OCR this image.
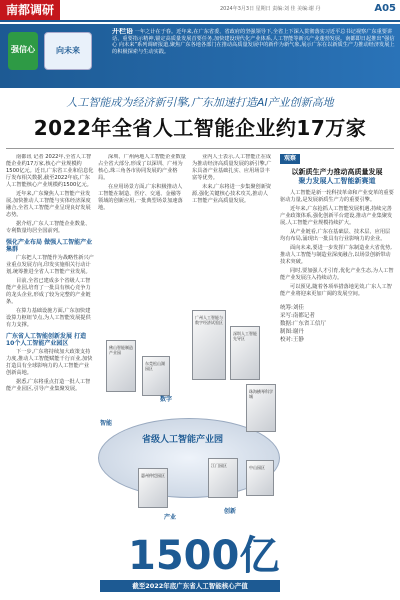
南都调研	2024年3月3日 星期日 责编:刘 佳 美编:谢 丹	A05
强信心	向未来
开栏语 一年之计在于春。近年来,在广东省委、省政府的坚强领导下,全省上下深入贯彻落实习近平总书记视察广东重要讲话、重要指示精神,锚定高质量发展首要任务,加快建设现代化产业体系,人工智能等新兴产业蓬勃发展。南都即日起推出“强信心 向未来”系列调研报道,聚焦广东各地各部门在推动高质量发展中的新作为新气象,展示广东在以新质生产力推动经济发展上的积极探索与生动实践。
人工智能成为经济新引擎,广东加速打造AI产业创新高地
2022年全省人工智能企业约17万家

南都讯 记者 2022年,全省人工智能企业约17万家,核心产业规模约1500亿元。近日,广东省工业和信息化厅发布相关数据,截至2022年底,广东人工智能核心产业规模约1500亿元。

近年来,广东聚焦人工智能产业发展,加快推动人工智能与实体经济深度融合,全省人工智能产业呈现良好发展态势。

据介绍,广东人工智能企业数量、专利数量均居全国前列。

强化产业布局 做强人工智能产业集群

广东把人工智能作为战略性新兴产业重点发展方向,印发实施相关行动计划,统筹推进全省人工智能产业发展。

目前,全省已建成多个省级人工智能产业园,培育了一批具有核心竞争力的龙头企业,形成了较为完整的产业链条。

在算力基础设施方面,广东加快建设算力枢纽节点,为人工智能发展提供有力支撑。

广东省人工智能创新发展 打造10个人工智能产业园区

下一步,广东将持续加大政策支持力度,推动人工智能赋能千行百业,加快打造具有全球影响力的人工智能产业创新高地。

据悉,广东将重点打造一批人工智能产业园区,引导产业集聚发展。

深圳、广州两地人工智能企业数量占全省大部分,形成了以深圳、广州为核心,珠三角各市协同发展的产业格局。

在应用场景方面,广东积极推动人工智能在制造、医疗、交通、金融等领域的创新应用,一批典型场景加速落地。

业内人士表示,人工智能正在成为推动经济高质量发展的新引擎,广东具备产业基础扎实、应用场景丰富等优势。

未来,广东将进一步集聚创新资源,强化关键核心技术攻关,推动人工智能产业高质量发展。

观察
以新质生产力推动高质量发展
聚力发展人工智能新赛道

人工智能是新一轮科技革命和产业变革的重要驱动力量,是发展新质生产力的重要引擎。

近年来,广东抢抓人工智能发展机遇,持续完善产业政策体系,强化创新平台建设,推动产业集聚发展,人工智能产业规模持续扩大。

从产业链看,广东在基础层、技术层、应用层均有布局,涌现出一批具有行业影响力的企业。

面向未来,要进一步发挥广东制造业大省优势,推动人工智能与制造业深度融合,以场景创新带动技术突破。

同时,要加强人才引育,优化产业生态,为人工智能产业发展注入持续动力。

可以预见,随着各项举措落地见效,广东人工智能产业将迎来更加广阔的发展空间。

统筹:刘佳
采写:南都记者
数据:广东省工信厅
制图:谢丹
校对:王静
省级人工智能产业园
广州人工智能与数字经济试验区
深圳人工智能先导区
佛山智能制造产业园
东莞松山湖园区
珠海横琴科学城
惠州仲恺园区
江门园区	中山园区
数字
智能
产业
创新
1500亿
截至2022年底广东省人工智能核心产值
